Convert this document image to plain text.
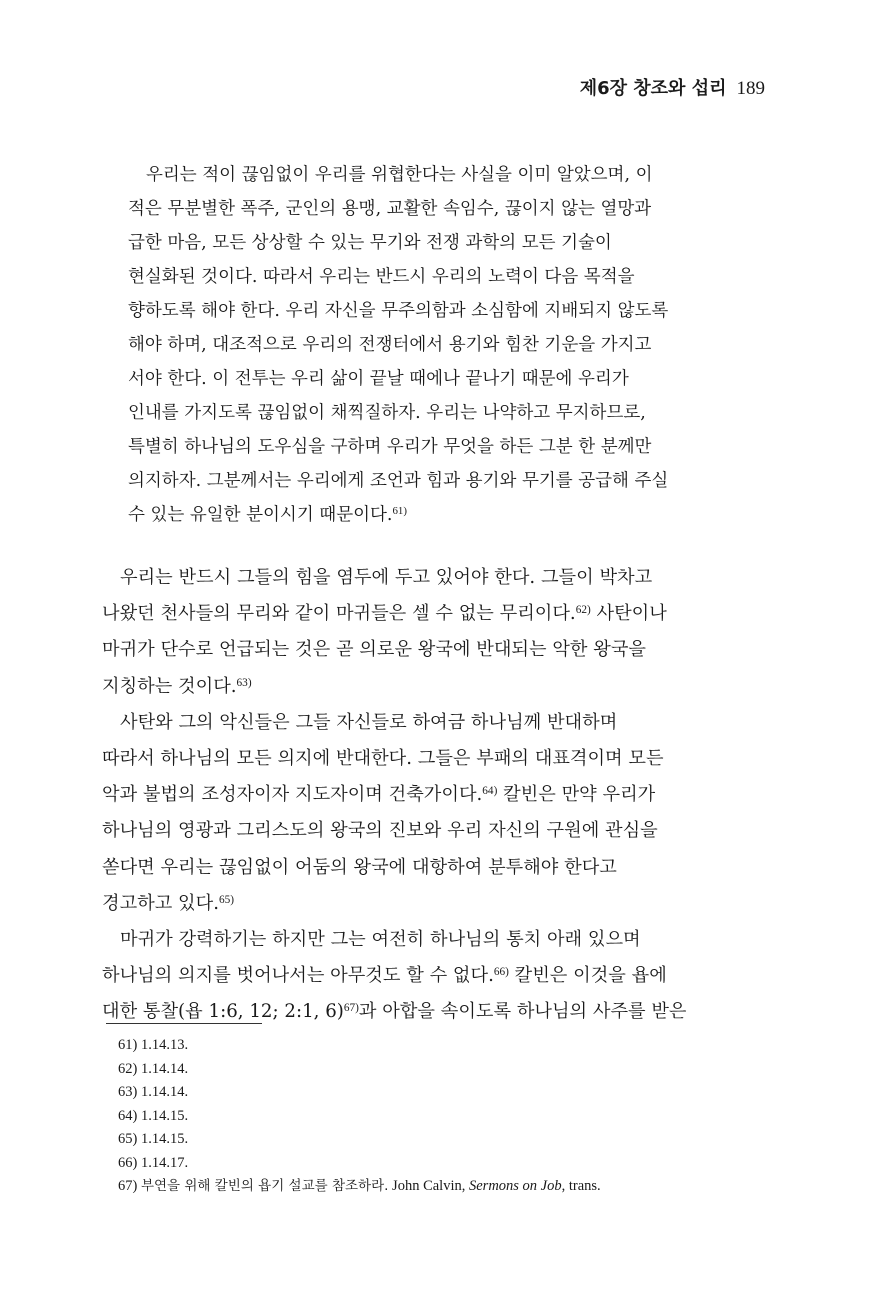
제6장 창조와 섭리 189
우리는 적이 끊임없이 우리를 위협한다는 사실을 이미 알았으며, 이
적은 무분별한 폭주, 군인의 용맹, 교활한 속임수, 끊이지 않는 열망과
급한 마음, 모든 상상할 수 있는 무기와 전쟁 과학의 모든 기술이
현실화된 것이다. 따라서 우리는 반드시 우리의 노력이 다음 목적을
향하도록 해야 한다. 우리 자신을 무주의함과 소심함에 지배되지 않도록
해야 하며, 대조적으로 우리의 전쟁터에서 용기와 힘찬 기운을 가지고
서야 한다. 이 전투는 우리 삶이 끝날 때에나 끝나기 때문에 우리가
인내를 가지도록 끊임없이 채찍질하자. 우리는 나약하고 무지하므로,
특별히 하나님의 도우심을 구하며 우리가 무엇을 하든 그분 한 분께만
의지하자. 그분께서는 우리에게 조언과 힘과 용기와 무기를 공급해 주실
수 있는 유일한 분이시기 때문이다.$^{61)}$
우리는 반드시 그들의 힘을 염두에 두고 있어야 한다. 그들이 박차고
나왔던 천사들의 무리와 같이 마귀들은 셀 수 없는 무리이다.$^{62)}$ 사탄이나
마귀가 단수로 언급되는 것은 곧 의로운 왕국에 반대되는 악한 왕국을
지칭하는 것이다.$^{63)}$
사탄와 그의 악신들은 그들 자신들로 하여금 하나님께 반대하며
따라서 하나님의 모든 의지에 반대한다. 그들은 부패의 대표격이며 모든
악과 불법의 조성자이자 지도자이며 건축가이다.$^{64)}$ 칼빈은 만약 우리가
하나님의 영광과 그리스도의 왕국의 진보와 우리 자신의 구원에 관심을
쏟다면 우리는 끊임없이 어둠의 왕국에 대항하여 분투해야 한다고
경고하고 있다.$^{65)}$
마귀가 강력하기는 하지만 그는 여전히 하나님의 통치 아래 있으며
하나님의 의지를 벗어나서는 아무것도 할 수 없다.$^{66)}$ 칼빈은 이것을 욥에
대한 통찰(욥 1:6, 12; 2:1, 6)$^{67)}$과 아합을 속이도록 하나님의 사주를 받은
61) 1.14.13.
62) 1.14.14.
63) 1.14.14.
64) 1.14.15.
65) 1.14.15.
66) 1.14.17.
67) 부연을 위해 칼빈의 욥기 설교를 참조하라. John Calvin, Sermons on Job, trans.
